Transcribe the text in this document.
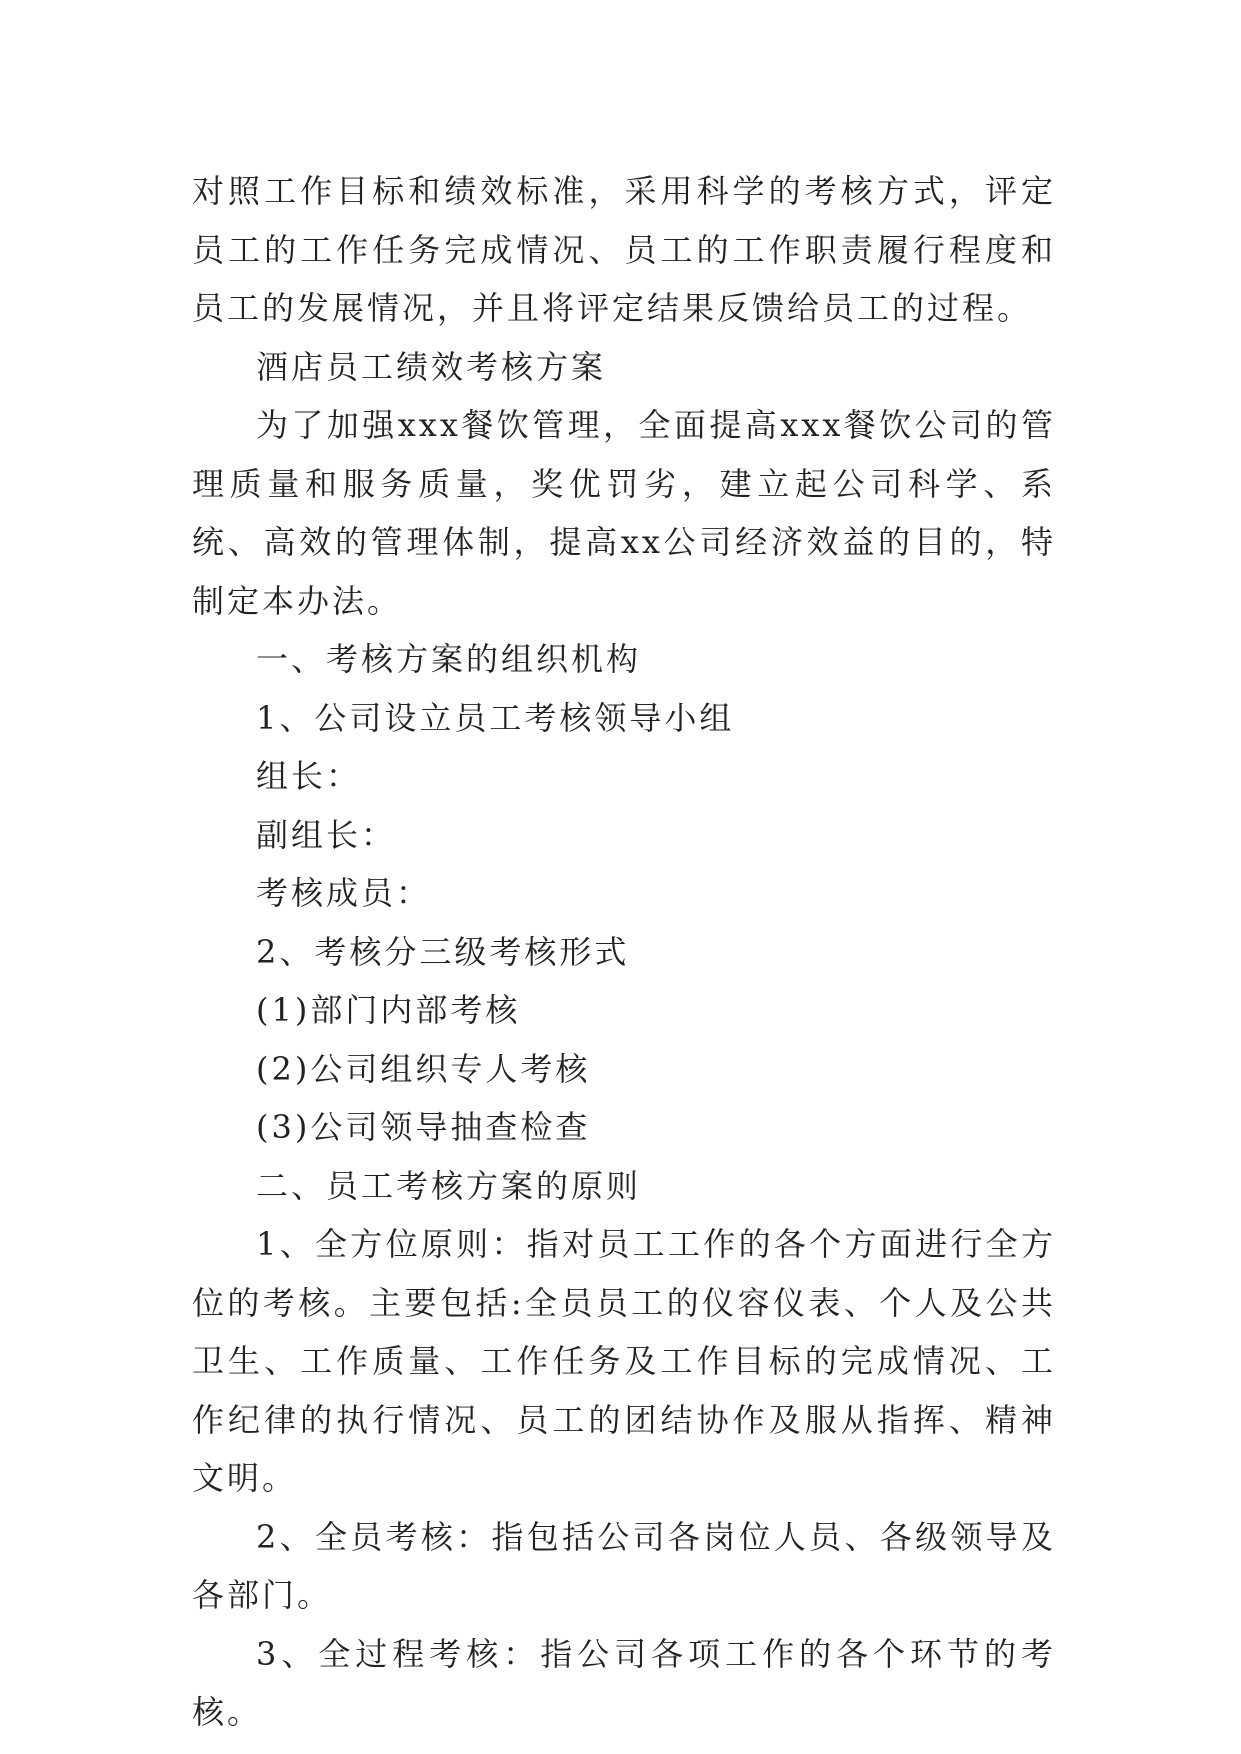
对照工作目标和绩效标准，采用科学的考核方式，评定员工的工作任务完成情况、员工的工作职责履行程度和员工的发展情况，并且将评定结果反馈给员工的过程。

酒店员工绩效考核方案

为了加强xxx餐饮管理，全面提高xxx餐饮公司的管理质量和服务质量，奖优罚劣，建立起公司科学、系统、高效的管理体制，提高xx公司经济效益的目的，特制定本办法。

一、考核方案的组织机构

1、公司设立员工考核领导小组

组长：

副组长：

考核成员：

2、考核分三级考核形式

(1)部门内部考核

(2)公司组织专人考核

(3)公司领导抽查检查

二、员工考核方案的原则

1、全方位原则：指对员工工作的各个方面进行全方位的考核。主要包括:全员员工的仪容仪表、个人及公共卫生、工作质量、工作任务及工作目标的完成情况、工作纪律的执行情况、员工的团结协作及服从指挥、精神文明。

2、全员考核：指包括公司各岗位人员、各级领导及各部门。

3、全过程考核：指公司各项工作的各个环节的考核。
